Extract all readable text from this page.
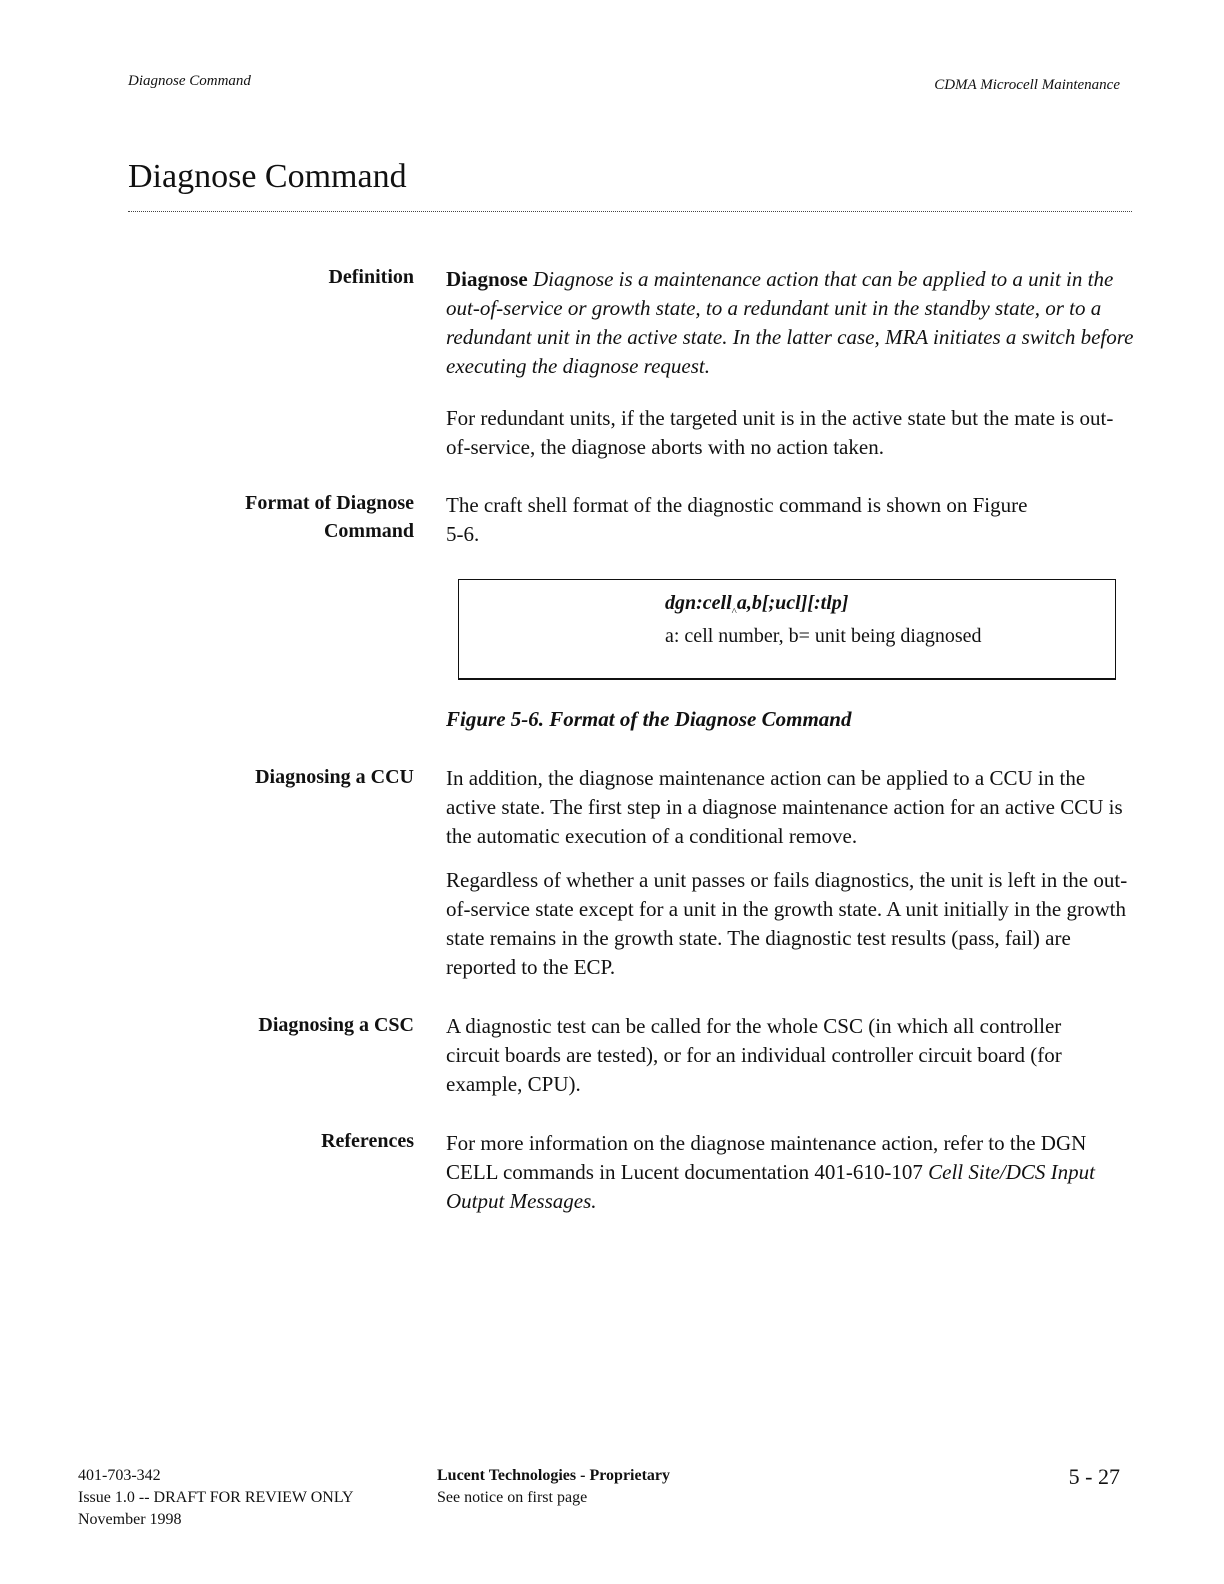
Diagnose Command	CDMA Microcell Maintenance
Diagnose Command
Definition Diagnose Diagnose is a maintenance action that can be applied to a unit in the out-of-service or growth state, to a redundant unit in the standby state, or to a redundant unit in the active state. In the latter case, MRA initiates a switch before executing the diagnose request.

For redundant units, if the targeted unit is in the active state but the mate is out-of-service, the diagnose aborts with no action taken.

Format of Diagnose
Command

The craft shell format of the diagnostic command is shown on Figure 5-6.

dgn:cell$_{\^{}}$a,b[;ucl][:tlp]
a: cell number, b= unit being diagnosed
Figure 5-6. Format of the Diagnose Command
Diagnosing a CCU In addition, the diagnose maintenance action can be applied to a CCU in the active state. The first step in a diagnose maintenance action for an active CCU is the automatic execution of a conditional remove.

Regardless of whether a unit passes or fails diagnostics, the unit is left in the out-of-service state except for a unit in the growth state. A unit initially in the growth state remains in the growth state. The diagnostic test results (pass, fail) are reported to the ECP.

Diagnosing a CSC A diagnostic test can be called for the whole CSC (in which all controller circuit boards are tested), or for an individual controller circuit board (for example, CPU).

References For more information on the diagnose maintenance action, refer to the DGN CELL commands in Lucent documentation 401-610-107 Cell Site/DCS Input Output Messages.

401-703-342
Issue 1.0 -- DRAFT FOR REVIEW ONLY
November 1998
Lucent Technologies - Proprietary
See notice on first page
5 - 27
